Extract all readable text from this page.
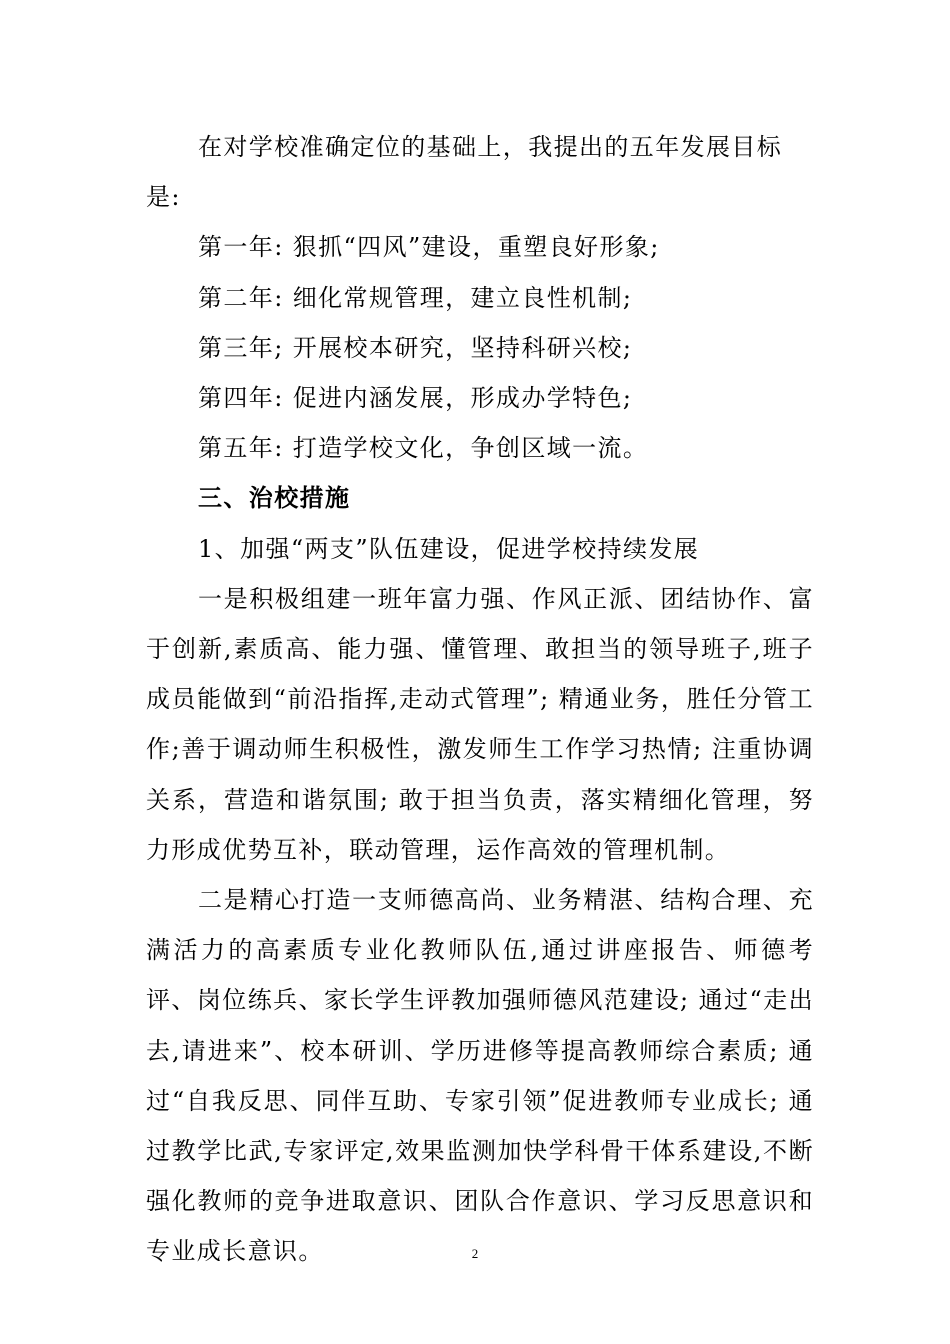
在对学校准确定位的基础上，我提出的五年发展目标是:

第一年: 狠抓“四风”建设，重塑良好形象;

第二年: 细化常规管理，建立良性机制;

第三年; 开展校本研究，坚持科研兴校;

第四年: 促进内涵发展，形成办学特色;

第五年: 打造学校文化，争创区域一流。

三、治校措施

1、加强“两支”队伍建设，促进学校持续发展

一是积极组建一班年富力强、作风正派、团结协作、富于创新,素质高、能力强、懂管理、敢担当的领导班子,班子成员能做到“前沿指挥,走动式管理”; 精通业务，胜任分管工作;善于调动师生积极性，激发师生工作学习热情; 注重协调关系，营造和谐氛围; 敢于担当负责，落实精细化管理，努力形成优势互补，联动管理，运作高效的管理机制。

二是精心打造一支师德高尚、业务精湛、结构合理、充满活力的高素质专业化教师队伍,通过讲座报告、师德考评、岗位练兵、家长学生评教加强师德风范建设; 通过“走出去,请进来”、校本研训、学历进修等提高教师综合素质; 通过“自我反思、同伴互助、专家引领”促进教师专业成长; 通过教学比武,专家评定,效果监测加快学科骨干体系建设,不断强化教师的竞争进取意识、团队合作意识、学习反思意识和专业成长意识。	2
